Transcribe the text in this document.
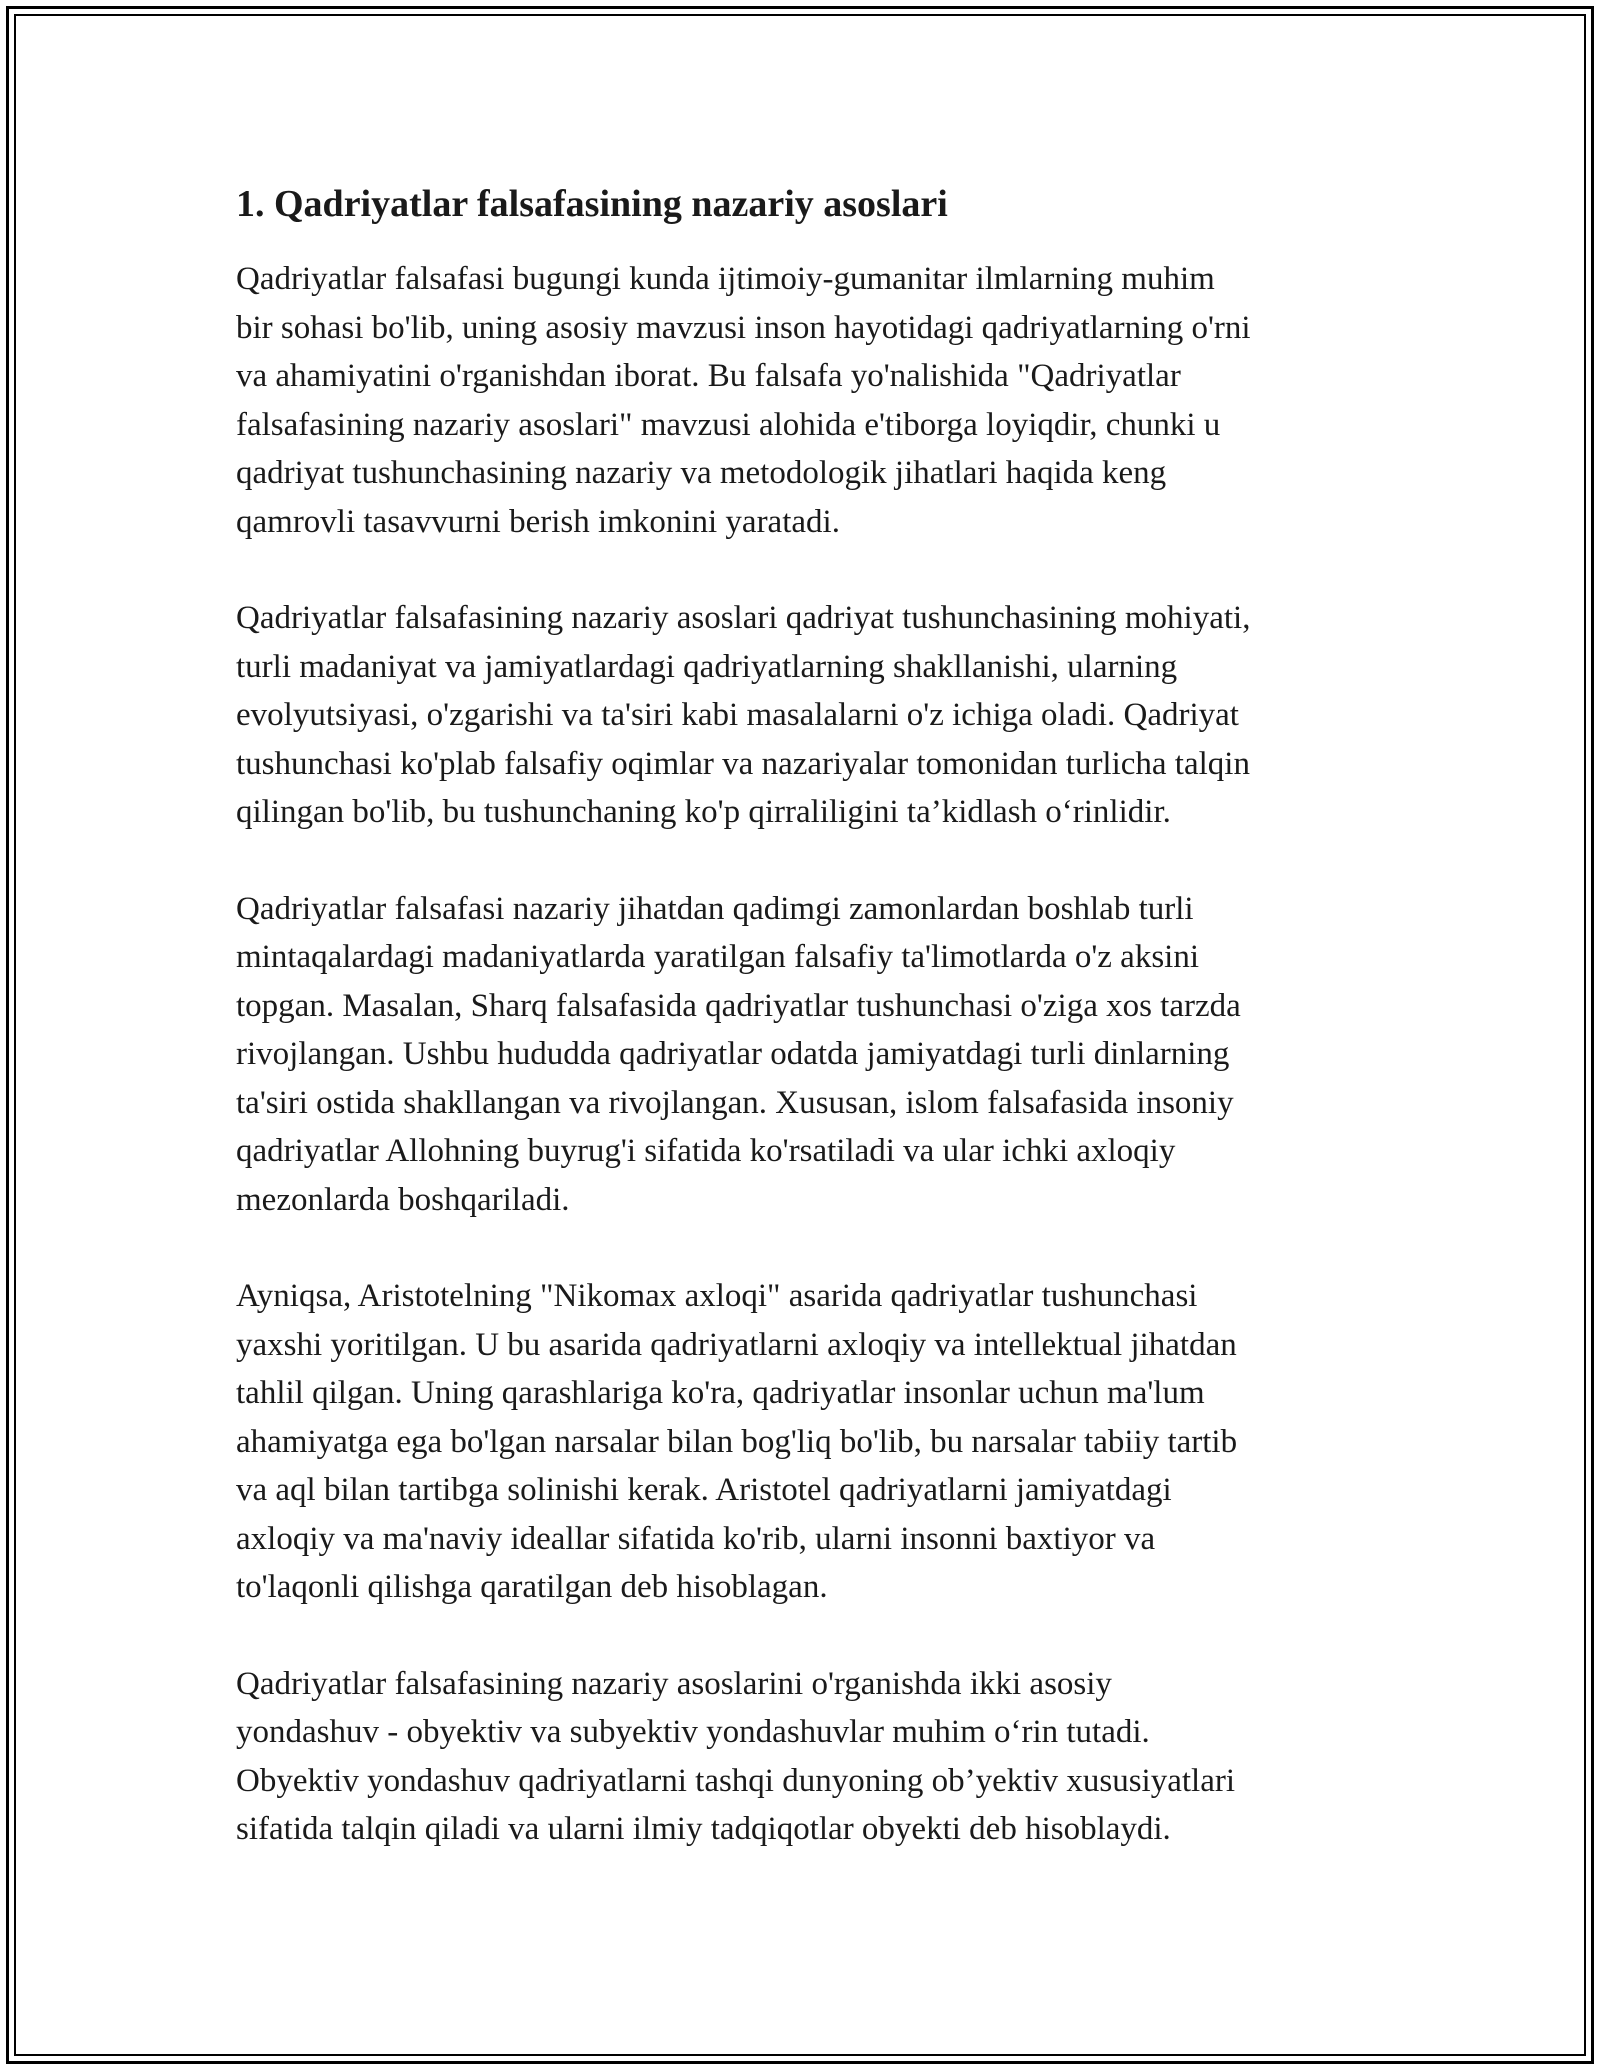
1. Qadriyatlar falsafasining nazariy asoslari

Qadriyatlar falsafasi bugungi kunda ijtimoiy-gumanitar ilmlarning muhim
bir sohasi bo'lib, uning asosiy mavzusi inson hayotidagi qadriyatlarning o'rni
va ahamiyatini o'rganishdan iborat. Bu falsafa yo'nalishida "Qadriyatlar
falsafasining nazariy asoslari" mavzusi alohida e'tiborga loyiqdir, chunki u
qadriyat tushunchasining nazariy va metodologik jihatlari haqida keng
qamrovli tasavvurni berish imkonini yaratadi.

Qadriyatlar falsafasining nazariy asoslari qadriyat tushunchasining mohiyati,
turli madaniyat va jamiyatlardagi qadriyatlarning shakllanishi, ularning
evolyutsiyasi, o'zgarishi va ta'siri kabi masalalarni o'z ichiga oladi. Qadriyat
tushunchasi ko'plab falsafiy oqimlar va nazariyalar tomonidan turlicha talqin
qilingan bo'lib, bu tushunchaning ko'p qirraliligini ta’kidlash o‘rinlidir.

Qadriyatlar falsafasi nazariy jihatdan qadimgi zamonlardan boshlab turli
mintaqalardagi madaniyatlarda yaratilgan falsafiy ta'limotlarda o'z aksini
topgan. Masalan, Sharq falsafasida qadriyatlar tushunchasi o'ziga xos tarzda
rivojlangan. Ushbu hududda qadriyatlar odatda jamiyatdagi turli dinlarning
ta'siri ostida shakllangan va rivojlangan. Xususan, islom falsafasida insoniy
qadriyatlar Allohning buyrug'i sifatida ko'rsatiladi va ular ichki axloqiy
mezonlarda boshqariladi.

Ayniqsa, Aristotelning "Nikomax axloqi" asarida qadriyatlar tushunchasi
yaxshi yoritilgan. U bu asarida qadriyatlarni axloqiy va intellektual jihatdan
tahlil qilgan. Uning qarashlariga ko'ra, qadriyatlar insonlar uchun ma'lum
ahamiyatga ega bo'lgan narsalar bilan bog'liq bo'lib, bu narsalar tabiiy tartib
va aql bilan tartibga solinishi kerak. Aristotel qadriyatlarni jamiyatdagi
axloqiy va ma'naviy ideallar sifatida ko'rib, ularni insonni baxtiyor va
to'laqonli qilishga qaratilgan deb hisoblagan.

Qadriyatlar falsafasining nazariy asoslarini o'rganishda ikki asosiy
yondashuv - obyektiv va subyektiv yondashuvlar muhim o‘rin tutadi.
Obyektiv yondashuv qadriyatlarni tashqi dunyoning ob’yektiv xususiyatlari
sifatida talqin qiladi va ularni ilmiy tadqiqotlar obyekti deb hisoblaydi.
